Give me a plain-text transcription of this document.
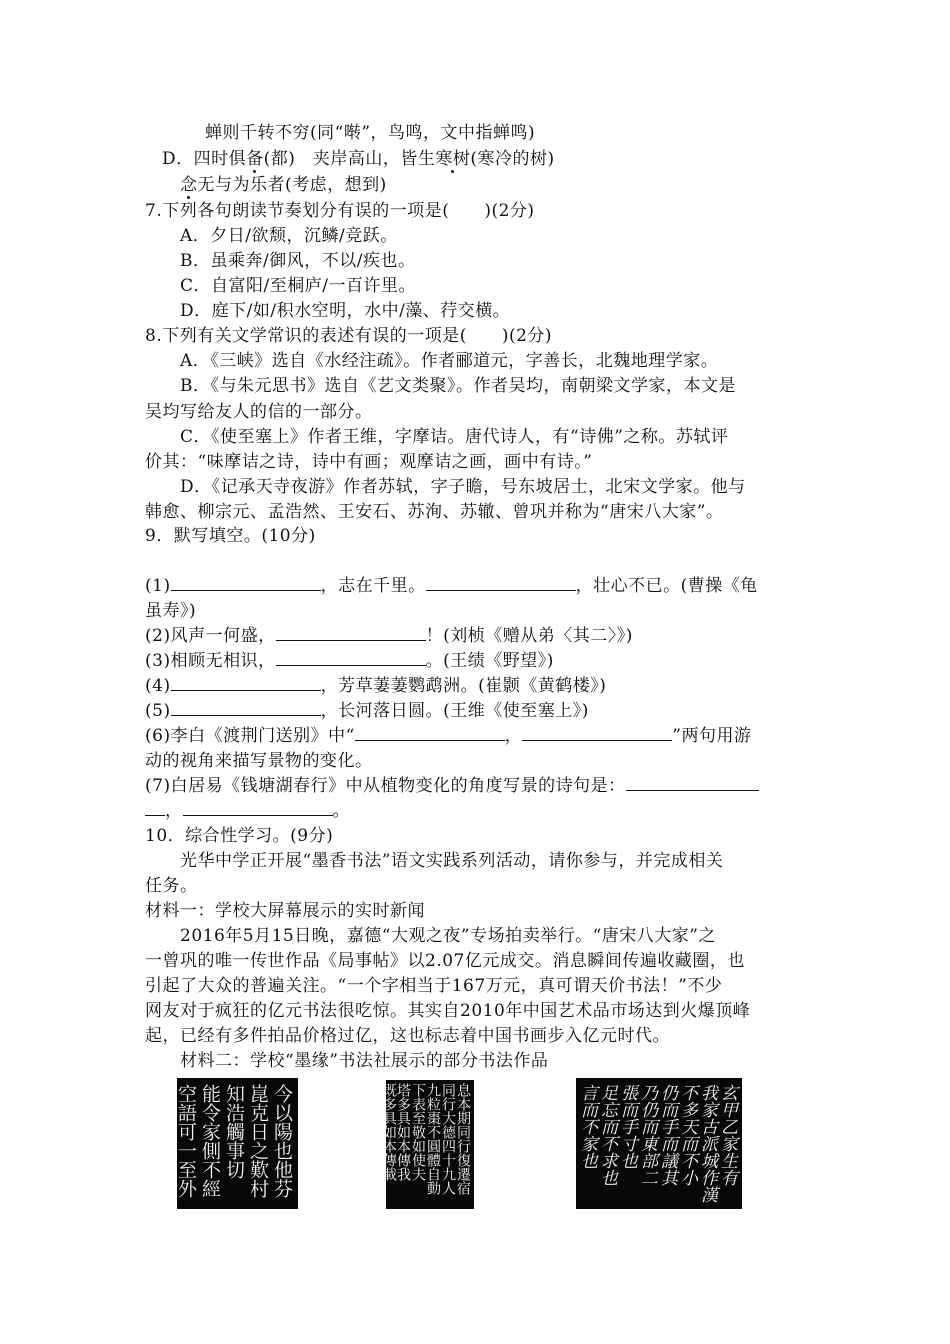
蝉则千转不穷(同“啭”，鸟鸣，文中指蝉鸣)
D．四时俱备(都)　夹岸高山，皆生寒树(寒冷的树)
念无与为乐者(考虑，想到)
7.下列各句朗读节奏划分有误的一项是(　　)(2分)
A．夕日/欲颓，沉鳞/竞跃。
B．虽乘奔/御风，不以/疾也。
C．自富阳/至桐庐/一百许里。
D．庭下/如/积水空明，水中/藻、荇交横。
8.下列有关文学常识的表述有误的一项是(　　)(2分)
A．《三峡》选自《水经注疏》。作者郦道元，字善长，北魏地理学家。
B．《与朱元思书》选自《艺文类聚》。作者吴均，南朝梁文学家，本文是
吴均写给友人的信的一部分。
C．《使至塞上》作者王维，字摩诘。唐代诗人，有“诗佛”之称。苏轼评
价其：“味摩诘之诗，诗中有画；观摩诘之画，画中有诗。”
D．《记承天寺夜游》作者苏轼，字子瞻，号东坡居士，北宋文学家。他与
韩愈、柳宗元、孟浩然、王安石、苏洵、苏辙、曾巩并称为“唐宋八大家”。
9．默写填空。(10分)
(1)	，志在千里。	，壮心不已。(曹操《龟
虽寿》)
(2)风声一何盛，	！(刘桢《赠从弟〈其二〉》)
(3)相顾无相识，	。(王绩《野望》)
(4)	，芳草萋萋鹦鹉洲。(崔颢《黄鹤楼》)
(5)	，长河落日圆。(王维《使至塞上》)
(6)李白《渡荆门送别》中“	，	”两句用游
动的视角来描写景物的变化。
(7)白居易《钱塘湖春行》中从植物变化的角度写景的诗句是：
，	。
10．综合性学习。(9分)
光华中学正开展“墨香书法”语文实践系列活动，请你参与，并完成相关
任务。
材料一：学校大屏幕展示的实时新闻
2016年5月15日晚，嘉德“大观之夜”专场拍卖举行。“唐宋八大家”之
一曾巩的唯一传世作品《局事帖》以2.07亿元成交。消息瞬间传遍收藏圈，也
引起了大众的普遍关注。“一个字相当于167万元，真可谓天价书法！”不少
网友对于疯狂的亿元书法很吃惊。其实自2010年中国艺术品市场达到火爆顶峰
起，已经有多件拍品价格过亿，这也标志着中国书画步入亿元时代。
材料二：学校“墨缘”书法社展示的部分书法作品
今以陽也他芬
崑克日之歎村
知浩觸事切
能令家側不經
空語可一至外	息本期同行復遷宿
同行大德四十九人
九粒棗不圓體自動
下表至敬如使夫
塔多具如本傳我
既多具如本傳載	玄甲乙家生有
我家古派城作漢
不多天而不小
仍而手而議其
乃仍而東部二
張而手寸也
足忘而不求也
言而不家也
